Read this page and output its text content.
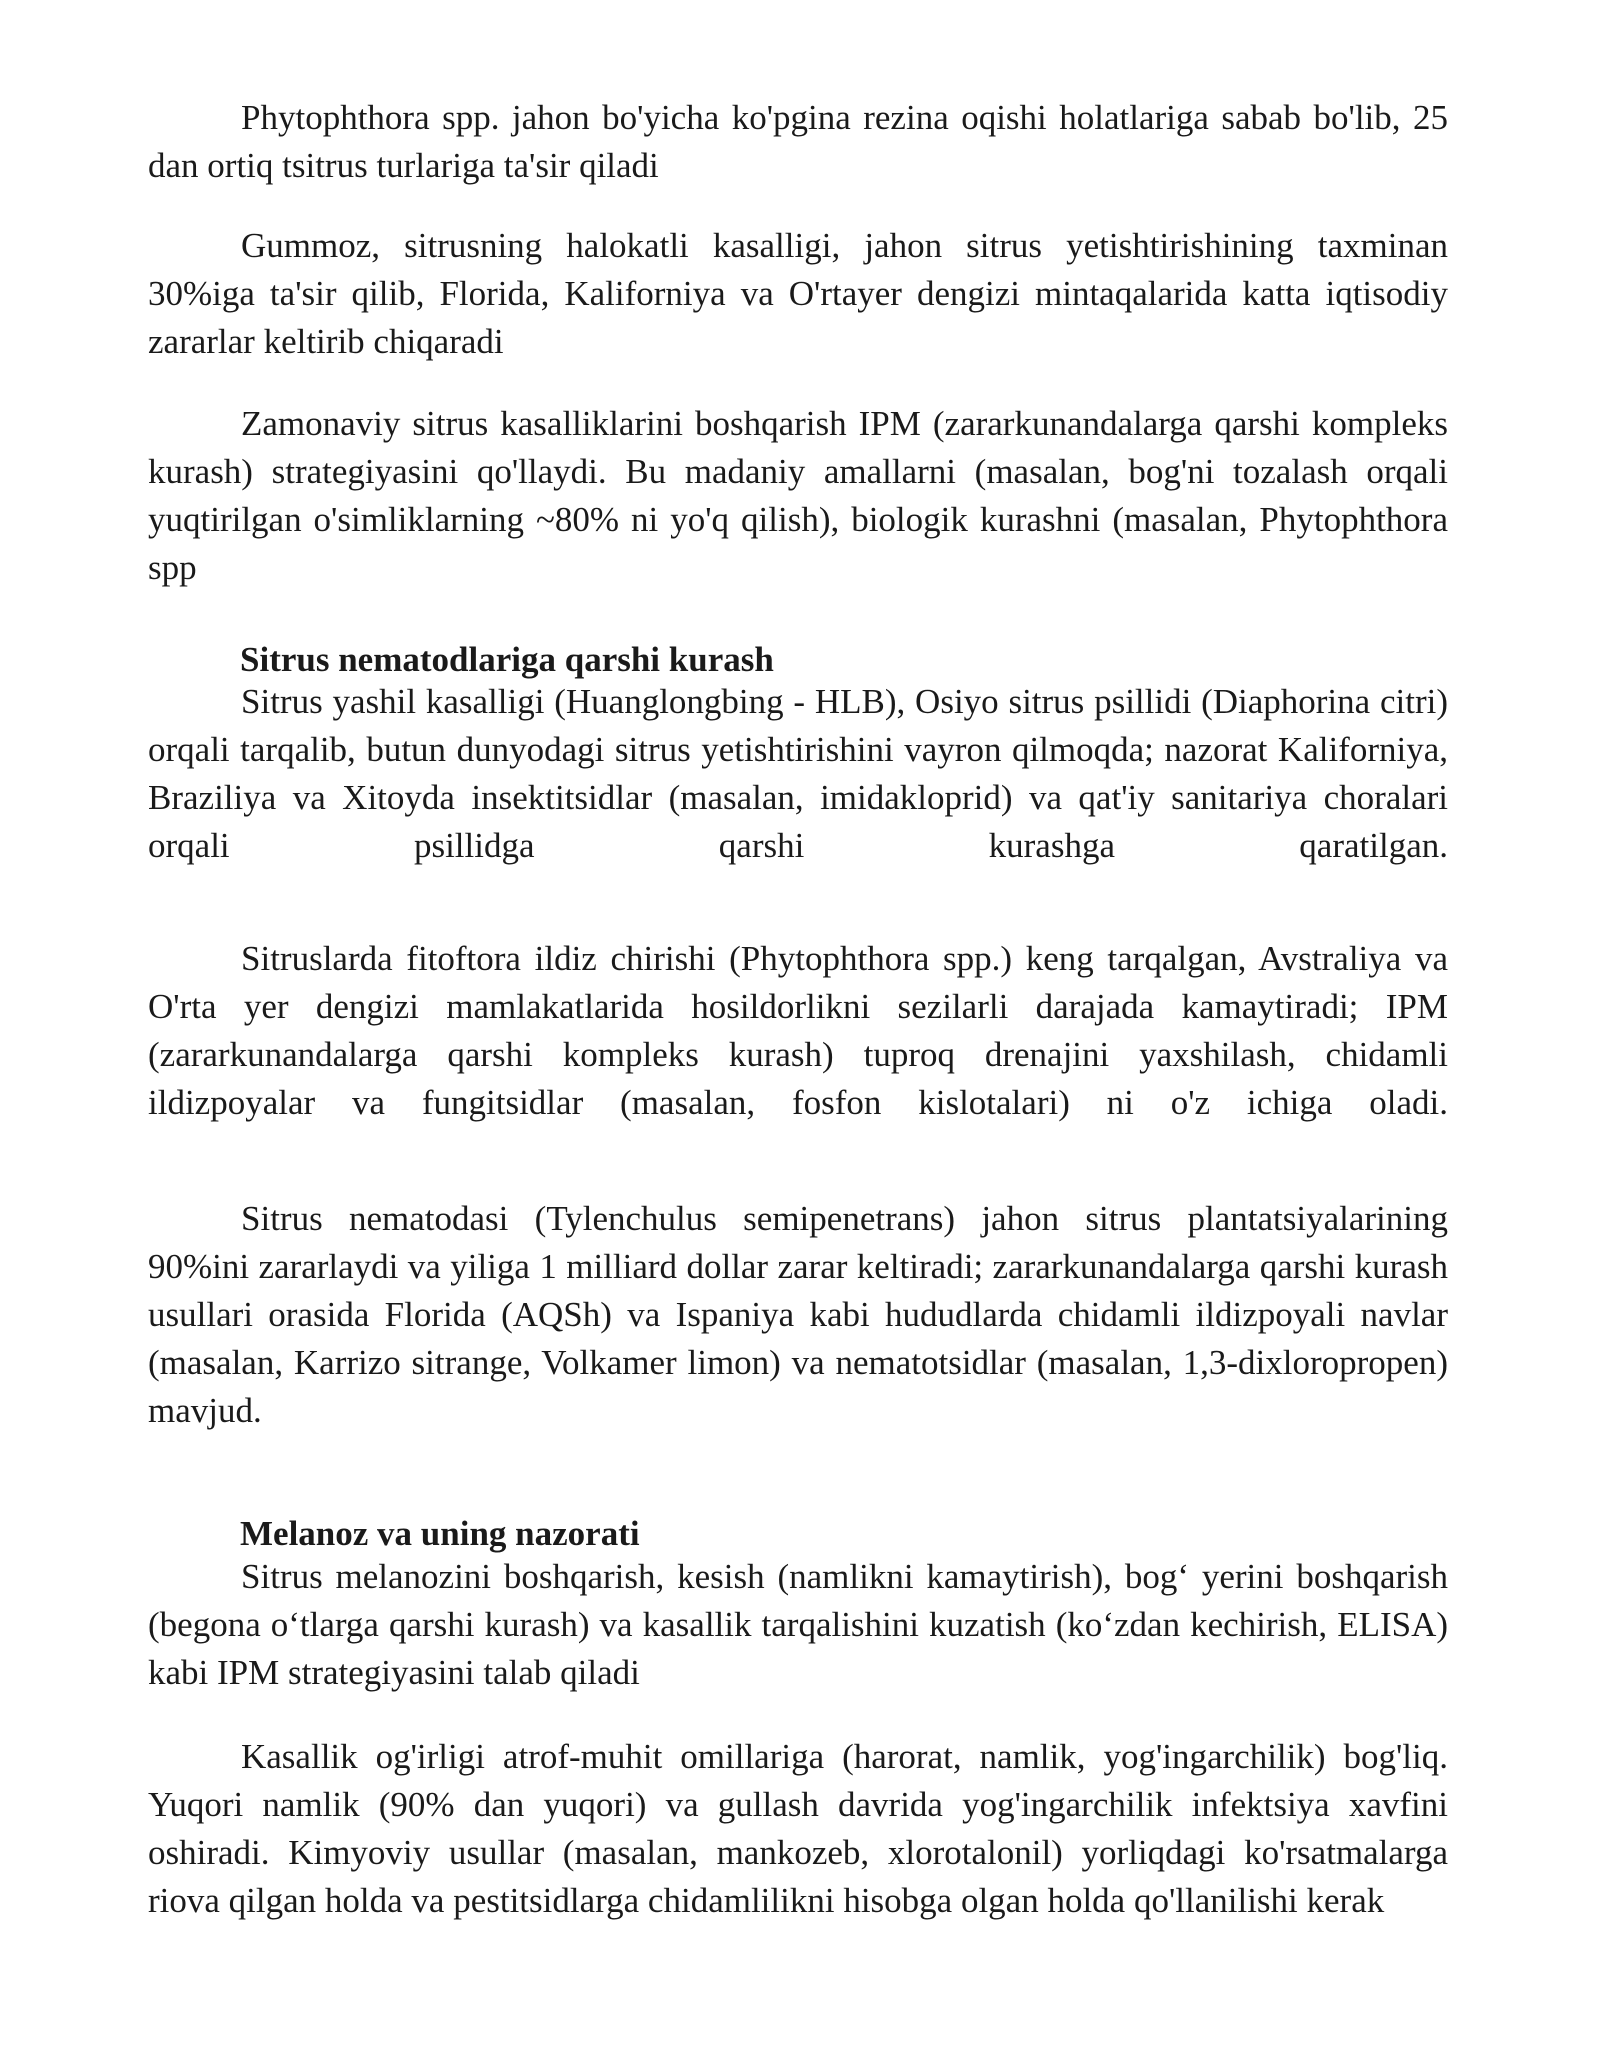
Phytophthora spp. jahon bo'yicha ko'pgina rezina oqishi holatlariga sabab bo'lib, 25 dan ortiq tsitrus turlariga ta'sir qiladi

Gummoz, sitrusning halokatli kasalligi, jahon sitrus yetishtirishining taxminan 30%iga ta'sir qilib, Florida, Kaliforniya va O'rtayer dengizi mintaqalarida katta iqtisodiy zararlar keltirib chiqaradi

Zamonaviy sitrus kasalliklarini boshqarish IPM (zararkunandalarga qarshi kompleks kurash) strategiyasini qo'llaydi. Bu madaniy amallarni (masalan, bog'ni tozalash orqali yuqtirilgan o'simliklarning ~80% ni yo'q qilish), biologik kurashni (masalan, Phytophthora spp

Sitrus nematodlariga qarshi kurash

Sitrus yashil kasalligi (Huanglongbing - HLB), Osiyo sitrus psillidi (Diaphorina citri) orqali tarqalib, butun dunyodagi sitrus yetishtirishini vayron qilmoqda; nazorat Kaliforniya, Braziliya va Xitoyda insektitsidlar (masalan, imidakloprid) va qat'iy sanitariya choralari orqali psillidga qarshi kurashga qaratilgan.

Sitruslarda fitoftora ildiz chirishi (Phytophthora spp.) keng tarqalgan, Avstraliya va O'rta yer dengizi mamlakatlarida hosildorlikni sezilarli darajada kamaytiradi; IPM (zararkunandalarga qarshi kompleks kurash) tuproq drenajini yaxshilash, chidamli ildizpoyalar va fungitsidlar (masalan, fosfon kislotalari) ni o'z ichiga oladi.

Sitrus nematodasi (Tylenchulus semipenetrans) jahon sitrus plantatsiyalarining 90%ini zararlaydi va yiliga 1 milliard dollar zarar keltiradi; zararkunandalarga qarshi kurash usullari orasida Florida (AQSh) va Ispaniya kabi hududlarda chidamli ildizpoyali navlar (masalan, Karrizo sitrange, Volkamer limon) va nematotsidlar (masalan, 1,3-dixloropropen) mavjud.

Melanoz va uning nazorati

Sitrus melanozini boshqarish, kesish (namlikni kamaytirish), bog‘ yerini boshqarish (begona o‘tlarga qarshi kurash) va kasallik tarqalishini kuzatish (ko‘zdan kechirish, ELISA) kabi IPM strategiyasini talab qiladi

Kasallik og'irligi atrof-muhit omillariga (harorat, namlik, yog'ingarchilik) bog'liq. Yuqori namlik (90% dan yuqori) va gullash davrida yog'ingarchilik infektsiya xavfini oshiradi. Kimyoviy usullar (masalan, mankozeb, xlorotalonil) yorliqdagi ko'rsatmalarga riova qilgan holda va pestitsidlarga chidamlilikni hisobga olgan holda qo'llanilishi kerak
